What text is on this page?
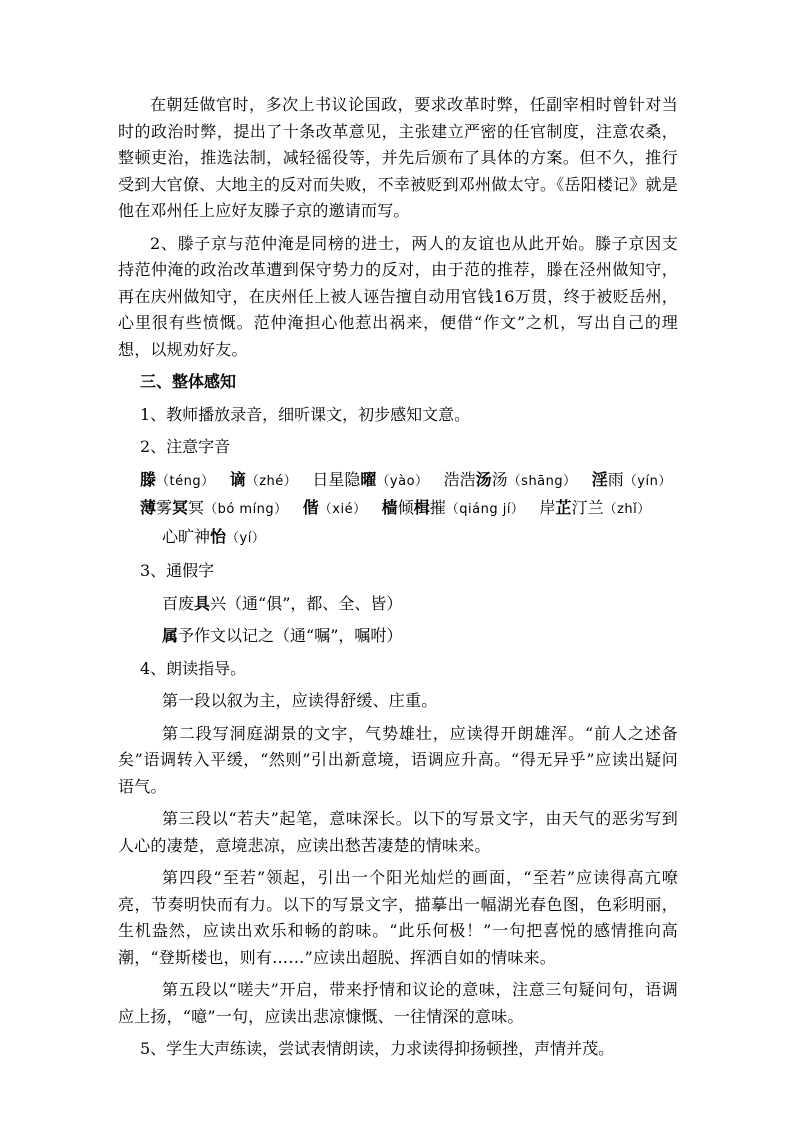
在朝廷做官时，多次上书议论国政，要求改革时弊，任副宰相时曾针对当时的政治时弊，提出了十条改革意见，主张建立严密的任官制度，注意农桑，整顿吏治，推选法制，减轻徭役等，并先后颁布了具体的方案。但不久，推行受到大官僚、大地主的反对而失败，不幸被贬到邓州做太守。《岳阳楼记》就是他在邓州任上应好友滕子京的邀请而写。

2、滕子京与范仲淹是同榜的进士，两人的友谊也从此开始。滕子京因支持范仲淹的政治改革遭到保守势力的反对，由于范的推荐，滕在泾州做知守，再在庆州做知守，在庆州任上被人诬告擅自动用官钱16万贯，终于被贬岳州，心里很有些愤慨。范仲淹担心他惹出祸来，便借“作文”之机，写出自己的理想，以规劝好友。

三、整体感知
1、教师播放录音，细听课文，初步感知文意。
2、注意字音
滕（téng） 谪（zhé） 日星隐曜（yào） 浩浩汤汤（shāng） 淫雨（yín）
薄雾冥冥（bó míng） 偕（xié） 樯倾楫摧（qiáng jí） 岸芷汀兰（zhǐ）
心旷神怡（yí）
3、通假字
百废具兴（通“俱”，都、全、皆）
属予作文以记之（通“嘱”，嘱咐）
4、朗读指导。

第一段以叙为主，应读得舒缓、庄重。

第二段写洞庭湖景的文字，气势雄壮，应读得开朗雄浑。“前人之述备矣”语调转入平缓，“然则”引出新意境，语调应升高。“得无异乎”应读出疑问语气。

第三段以“若夫”起笔，意味深长。以下的写景文字，由天气的恶劣写到人心的凄楚，意境悲凉，应读出愁苦凄楚的情味来。

第四段“至若”领起，引出一个阳光灿烂的画面，“至若”应读得高亢嘹亮，节奏明快而有力。以下的写景文字，描摹出一幅湖光春色图，色彩明丽，生机盎然，应读出欢乐和畅的韵味。“此乐何极！”一句把喜悦的感情推向高潮，“登斯楼也，则有……”应读出超脱、挥洒自如的情味来。

第五段以“嗟夫”开启，带来抒情和议论的意味，注意三句疑问句，语调应上扬，“噫”一句，应读出悲凉慷慨、一往情深的意味。

5、学生大声练读，尝试表情朗读，力求读得抑扬顿挫，声情并茂。
